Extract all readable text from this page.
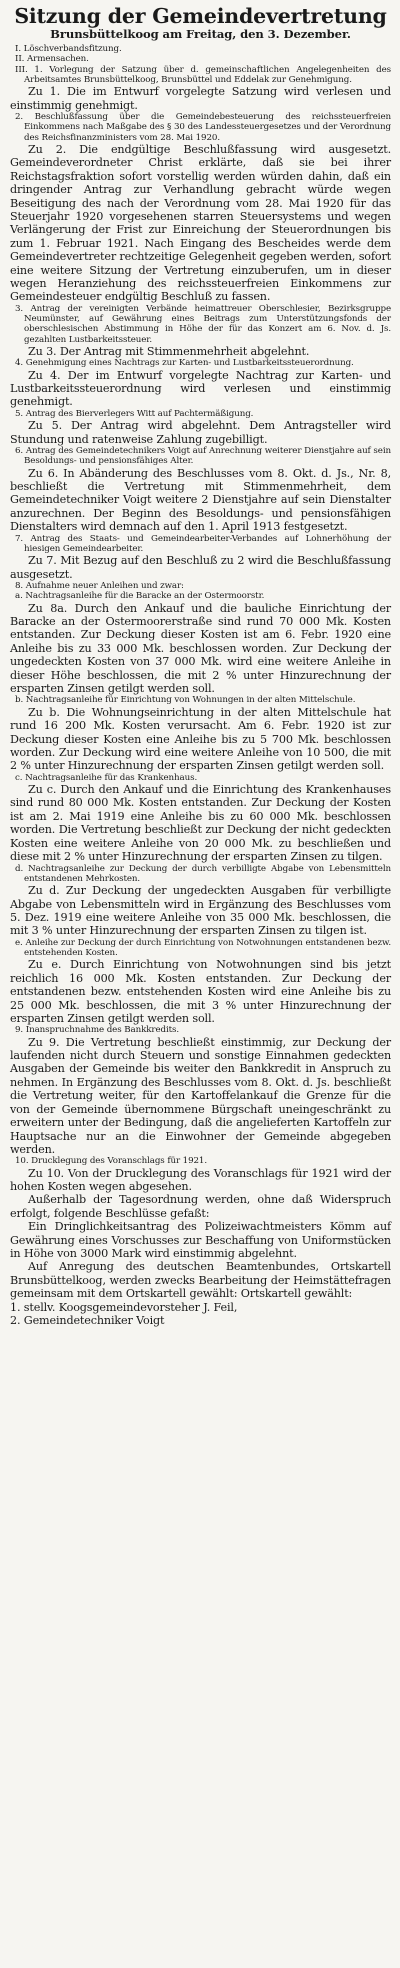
Sitzung der Gemeindevertretung

Brunsbüttelkoog am Freitag, den 3. Dezember.

I. Löschverbandsfitzung.

II. Armensachen.

III. 1. Vorlegung der Satzung über d. gemeinschaftlichen Angelegenheiten des Arbeitsamtes Brunsbüttelkoog, Brunsbüttel und Eddelak zur Genehmigung.

Zu 1. Die im Entwurf vorgelegte Satzung wird verlesen und einstimmig genehmigt.

2. Beschlußfassung über die Gemeindebesteuerung des reichssteuerfreien Einkommens nach Maßgabe des § 30 des Landessteuergesetzes und der Verordnung des Reichsfinanzministers vom 28. Mai 1920.

Zu 2. Die endgültige Beschlußfassung wird ausgesetzt. Gemeindeverordneter Christ erklärte, daß sie bei ihrer Reichstagsfraktion sofort vorstellig werden würden dahin, daß ein dringender Antrag zur Verhandlung gebracht würde wegen Beseitigung des nach der Verordnung vom 28. Mai 1920 für das Steuerjahr 1920 vorgesehenen starren Steuersystems und wegen Verlängerung der Frist zur Einreichung der Steuerordnungen bis zum 1. Februar 1921. Nach Eingang des Bescheides werde dem Gemeindevertreter rechtzeitige Gelegenheit gegeben werden, sofort eine weitere Sitzung der Vertretung einzuberufen, um in dieser wegen Heranziehung des reichssteuerfreien Einkommens zur Gemeindesteuer endgültig Beschluß zu fassen.

3. Antrag der vereinigten Verbände heimattreuer Oberschlesier, Bezirksgruppe Neumünster, auf Gewährung eines Beitrags zum Unterstützungsfonds der oberschlesischen Abstimmung in Höhe der für das Konzert am 6. Nov. d. Js. gezahlten Lustbarkeitssteuer.

Zu 3. Der Antrag mit Stimmenmehrheit abgelehnt.

4. Genehmigung eines Nachtrags zur Karten- und Lustbarkeitssteuerordnung.

Zu 4. Der im Entwurf vorgelegte Nachtrag zur Karten- und Lustbarkeitssteuerordnung wird verlesen und einstimmig genehmigt.

5. Antrag des Bierverlegers Witt auf Pachtermäßigung.

Zu 5. Der Antrag wird abgelehnt. Dem Antragsteller wird Stundung und ratenweise Zahlung zugebilligt.

6. Antrag des Gemeindetechnikers Voigt auf Anrechnung weiterer Dienstjahre auf sein Besoldungs- und pensionsfähiges Alter.

Zu 6. In Abänderung des Beschlusses vom 8. Okt. d. Js., Nr. 8, beschließt die Vertretung mit Stimmenmehrheit, dem Gemeindetechniker Voigt weitere 2 Dienstjahre auf sein Dienstalter anzurechnen. Der Beginn des Besoldungs- und pensionsfähigen Dienstalters wird demnach auf den 1. April 1913 festgesetzt.

7. Antrag des Staats- und Gemeindearbeiter-Verbandes auf Lohnerhöhung der hiesigen Gemeindearbeiter.

Zu 7. Mit Bezug auf den Beschluß zu 2 wird die Beschlußfassung ausgesetzt.

8. Aufnahme neuer Anleihen und zwar:

a. Nachtragsanleihe für die Baracke an der Ostermoorstr.

Zu 8a. Durch den Ankauf und die bauliche Einrichtung der Baracke an der Ostermoorerstraße sind rund 70 000 Mk. Kosten entstanden. Zur Deckung dieser Kosten ist am 6. Febr. 1920 eine Anleihe bis zu 33 000 Mk. beschlossen worden. Zur Deckung der ungedeckten Kosten von 37 000 Mk. wird eine weitere Anleihe in dieser Höhe beschlossen, die mit 2 % unter Hinzurechnung der ersparten Zinsen getilgt werden soll.

b. Nachtragsanleihe für Einrichtung von Wohnungen in der alten Mittelschule.

Zu b. Die Wohnungseinrichtung in der alten Mittelschule hat rund 16 200 Mk. Kosten verursacht. Am 6. Febr. 1920 ist zur Deckung dieser Kosten eine Anleihe bis zu 5 700 Mk. beschlossen worden. Zur Deckung wird eine weitere Anleihe von 10 500, die mit 2 % unter Hinzurechnung der ersparten Zinsen getilgt werden soll.

c. Nachtragsanleihe für das Krankenhaus.

Zu c. Durch den Ankauf und die Einrichtung des Krankenhauses sind rund 80 000 Mk. Kosten entstanden. Zur Deckung der Kosten ist am 2. Mai 1919 eine Anleihe bis zu 60 000 Mk. beschlossen worden. Die Vertretung beschließt zur Deckung der nicht gedeckten Kosten eine weitere Anleihe von 20 000 Mk. zu beschließen und diese mit 2 % unter Hinzurechnung der ersparten Zinsen zu tilgen.

d. Nachtragsanleihe zur Deckung der durch verbilligte Abgabe von Lebensmitteln entstandenen Mehrkosten.

Zu d. Zur Deckung der ungedeckten Ausgaben für verbilligte Abgabe von Lebensmitteln wird in Ergänzung des Beschlusses vom 5. Dez. 1919 eine weitere Anleihe von 35 000 Mk. beschlossen, die mit 3 % unter Hinzurechnung der ersparten Zinsen zu tilgen ist.

e. Anleihe zur Deckung der durch Einrichtung von Notwohnungen entstandenen bezw. entstehenden Kosten.

Zu e. Durch Einrichtung von Notwohnungen sind bis jetzt reichlich 16 000 Mk. Kosten entstanden. Zur Deckung der entstandenen bezw. entstehenden Kosten wird eine Anleihe bis zu 25 000 Mk. beschlossen, die mit 3 % unter Hinzurechnung der ersparten Zinsen getilgt werden soll.

9. Inanspruchnahme des Bankkredits.

Zu 9. Die Vertretung beschließt einstimmig, zur Deckung der laufenden nicht durch Steuern und sonstige Einnahmen gedeckten Ausgaben der Gemeinde bis weiter den Bankkredit in Anspruch zu nehmen. In Ergänzung des Beschlusses vom 8. Okt. d. Js. beschließt die Vertretung weiter, für den Kartoffelankauf die Grenze für die von der Gemeinde übernommene Bürgschaft uneingeschränkt zu erweitern unter der Bedingung, daß die angelieferten Kartoffeln zur Hauptsache nur an die Einwohner der Gemeinde abgegeben werden.

10. Drucklegung des Voranschlags für 1921.

Zu 10. Von der Drucklegung des Voranschlags für 1921 wird der hohen Kosten wegen abgesehen.

Außerhalb der Tagesordnung werden, ohne daß Widerspruch erfolgt, folgende Beschlüsse gefaßt:

Ein Dringlichkeitsantrag des Polizeiwachtmeisters Kömm auf Gewährung eines Vorschusses zur Beschaffung von Uniformstücken in Höhe von 3000 Mark wird einstimmig abgelehnt.

Auf Anregung des deutschen Beamtenbundes, Ortskartell Brunsbüttelkoog, werden zwecks Bearbeitung der Heimstättefragen gemeinsam mit dem Ortskartell gewählt: Ortskartell gewählt:

1. stellv. Koogsgemeindevorsteher J. Feil,

2. Gemeindetechniker Voigt
